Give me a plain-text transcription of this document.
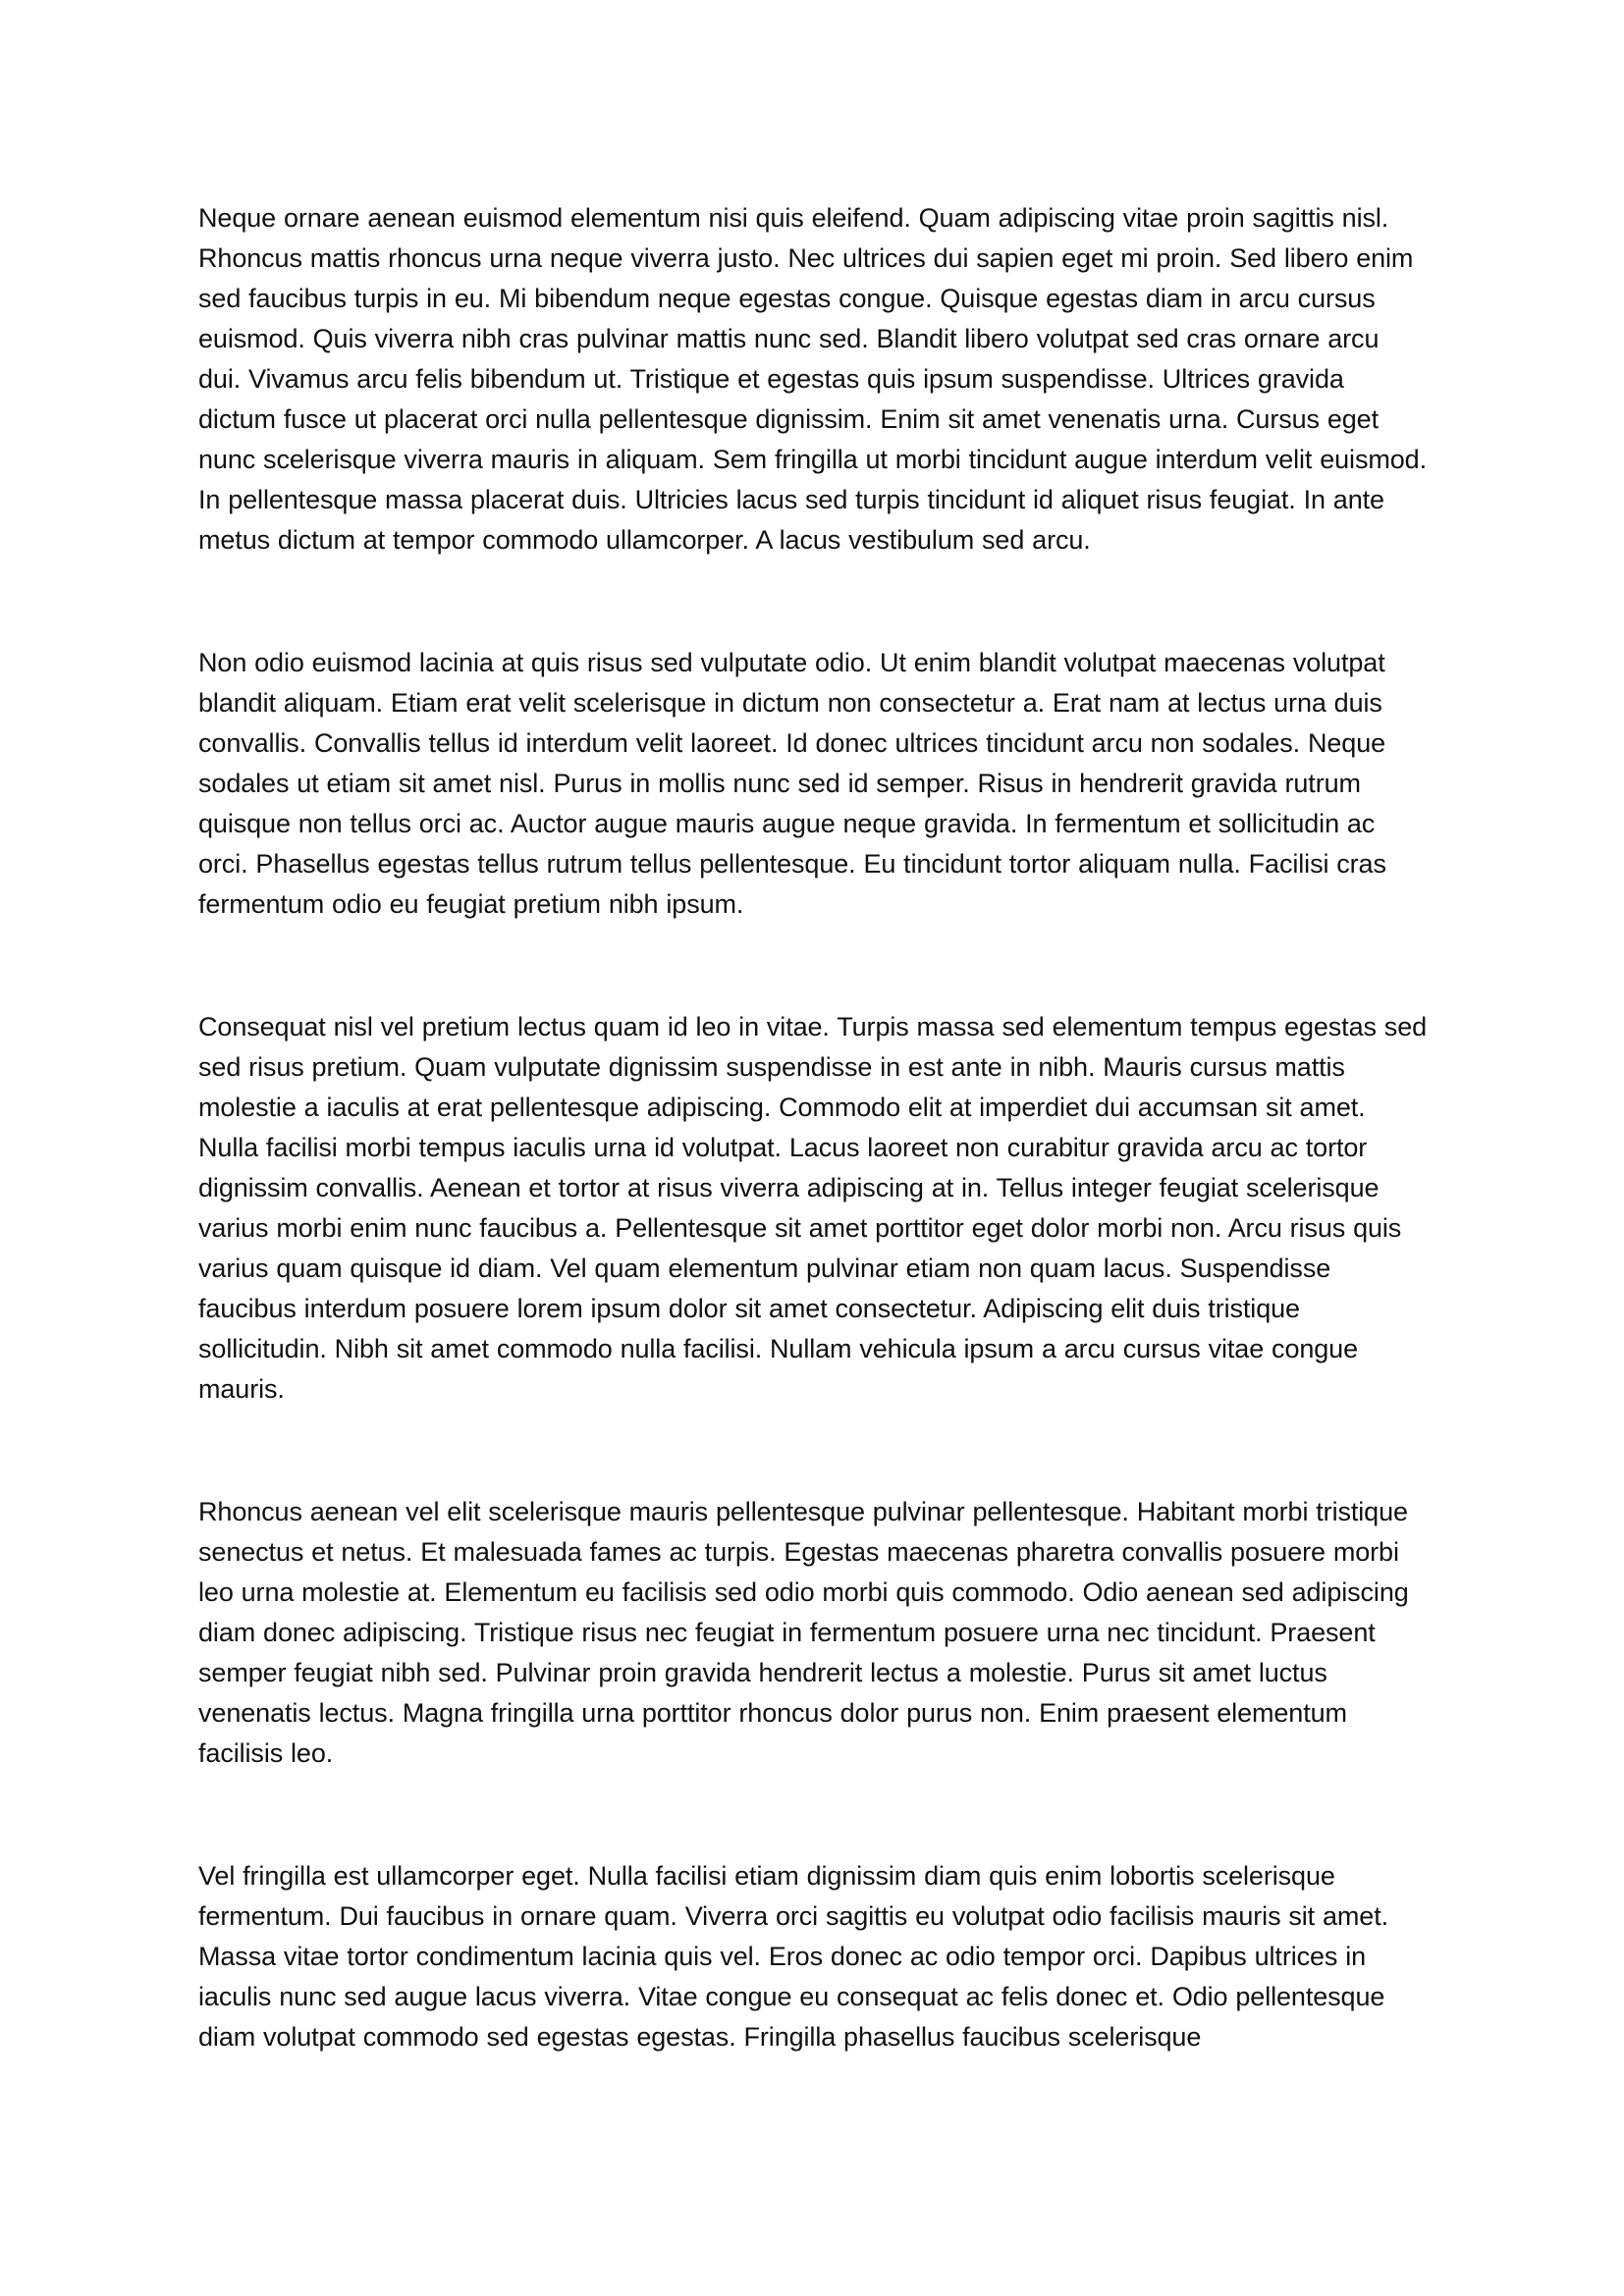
Neque ornare aenean euismod elementum nisi quis eleifend. Quam adipiscing vitae proin sagittis nisl. Rhoncus mattis rhoncus urna neque viverra justo. Nec ultrices dui sapien eget mi proin. Sed libero enim sed faucibus turpis in eu. Mi bibendum neque egestas congue. Quisque egestas diam in arcu cursus euismod. Quis viverra nibh cras pulvinar mattis nunc sed. Blandit libero volutpat sed cras ornare arcu dui. Vivamus arcu felis bibendum ut. Tristique et egestas quis ipsum suspendisse. Ultrices gravida dictum fusce ut placerat orci nulla pellentesque dignissim. Enim sit amet venenatis urna. Cursus eget nunc scelerisque viverra mauris in aliquam. Sem fringilla ut morbi tincidunt augue interdum velit euismod. In pellentesque massa placerat duis. Ultricies lacus sed turpis tincidunt id aliquet risus feugiat. In ante metus dictum at tempor commodo ullamcorper. A lacus vestibulum sed arcu.

Non odio euismod lacinia at quis risus sed vulputate odio. Ut enim blandit volutpat maecenas volutpat blandit aliquam. Etiam erat velit scelerisque in dictum non consectetur a. Erat nam at lectus urna duis convallis. Convallis tellus id interdum velit laoreet. Id donec ultrices tincidunt arcu non sodales. Neque sodales ut etiam sit amet nisl. Purus in mollis nunc sed id semper. Risus in hendrerit gravida rutrum quisque non tellus orci ac. Auctor augue mauris augue neque gravida. In fermentum et sollicitudin ac orci. Phasellus egestas tellus rutrum tellus pellentesque. Eu tincidunt tortor aliquam nulla. Facilisi cras fermentum odio eu feugiat pretium nibh ipsum.

Consequat nisl vel pretium lectus quam id leo in vitae. Turpis massa sed elementum tempus egestas sed sed risus pretium. Quam vulputate dignissim suspendisse in est ante in nibh. Mauris cursus mattis molestie a iaculis at erat pellentesque adipiscing. Commodo elit at imperdiet dui accumsan sit amet. Nulla facilisi morbi tempus iaculis urna id volutpat. Lacus laoreet non curabitur gravida arcu ac tortor dignissim convallis. Aenean et tortor at risus viverra adipiscing at in. Tellus integer feugiat scelerisque varius morbi enim nunc faucibus a. Pellentesque sit amet porttitor eget dolor morbi non. Arcu risus quis varius quam quisque id diam. Vel quam elementum pulvinar etiam non quam lacus. Suspendisse faucibus interdum posuere lorem ipsum dolor sit amet consectetur. Adipiscing elit duis tristique sollicitudin. Nibh sit amet commodo nulla facilisi. Nullam vehicula ipsum a arcu cursus vitae congue mauris.

Rhoncus aenean vel elit scelerisque mauris pellentesque pulvinar pellentesque. Habitant morbi tristique senectus et netus. Et malesuada fames ac turpis. Egestas maecenas pharetra convallis posuere morbi leo urna molestie at. Elementum eu facilisis sed odio morbi quis commodo. Odio aenean sed adipiscing diam donec adipiscing. Tristique risus nec feugiat in fermentum posuere urna nec tincidunt. Praesent semper feugiat nibh sed. Pulvinar proin gravida hendrerit lectus a molestie. Purus sit amet luctus venenatis lectus. Magna fringilla urna porttitor rhoncus dolor purus non. Enim praesent elementum facilisis leo.

Vel fringilla est ullamcorper eget. Nulla facilisi etiam dignissim diam quis enim lobortis scelerisque fermentum. Dui faucibus in ornare quam. Viverra orci sagittis eu volutpat odio facilisis mauris sit amet. Massa vitae tortor condimentum lacinia quis vel. Eros donec ac odio tempor orci. Dapibus ultrices in iaculis nunc sed augue lacus viverra. Vitae congue eu consequat ac felis donec et. Odio pellentesque diam volutpat commodo sed egestas egestas. Fringilla phasellus faucibus scelerisque
